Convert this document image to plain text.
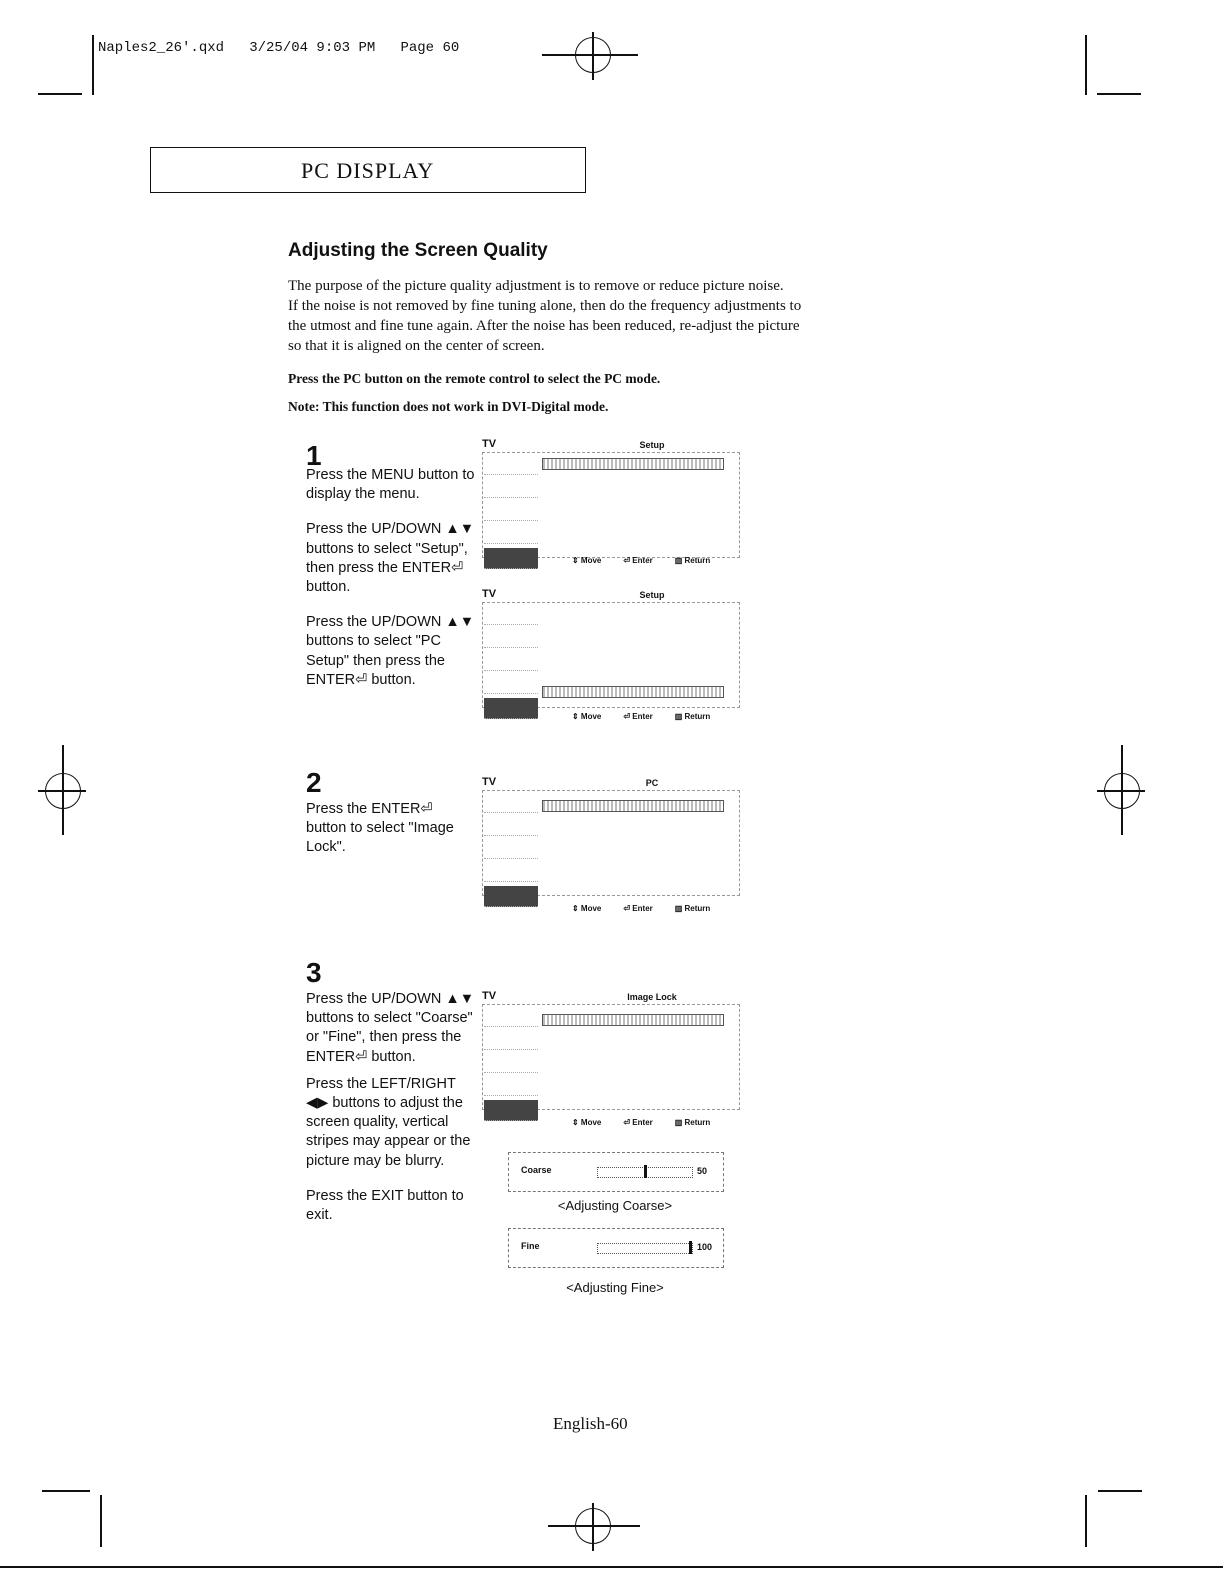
Naples2_26'.qxd   3/25/04 9:03 PM   Page 60
PC DISPLAY
Adjusting the Screen Quality
The purpose of the picture quality adjustment is to remove or reduce picture noise.
If the noise is not removed by fine tuning alone, then do the frequency adjustments to
the utmost and fine tune again. After the noise has been reduced, re-adjust the picture
so that it is aligned on the center of screen.
Press the PC button on the remote control to select the PC mode.
Note: This function does not work in DVI-Digital mode.
1

Press the MENU button to display the menu.

Press the UP/DOWN ▲▼ buttons to select "Setup", then press the ENTER⏎ button.

Press the UP/DOWN ▲▼ buttons to select "PC Setup" then press the ENTER⏎ button.

2

Press the ENTER⏎ button to select "Image Lock".

3

Press the UP/DOWN ▲▼ buttons to select "Coarse" or "Fine", then press the ENTER⏎ button.

Press the LEFT/RIGHT ◀▶ buttons to adjust the screen quality, vertical stripes may appear or the picture may be blurry.

Press the EXIT button to exit.

TV	Setup
⇕ Move	⏎ Enter	▥ Return
TV	Setup
⇕ Move	⏎ Enter	▥ Return
TV	PC
⇕ Move	⏎ Enter	▥ Return
TV	Image Lock
⇕ Move	⏎ Enter	▥ Return
Coarse	50
<Adjusting Coarse>
Fine	100
<Adjusting Fine>
English-60
